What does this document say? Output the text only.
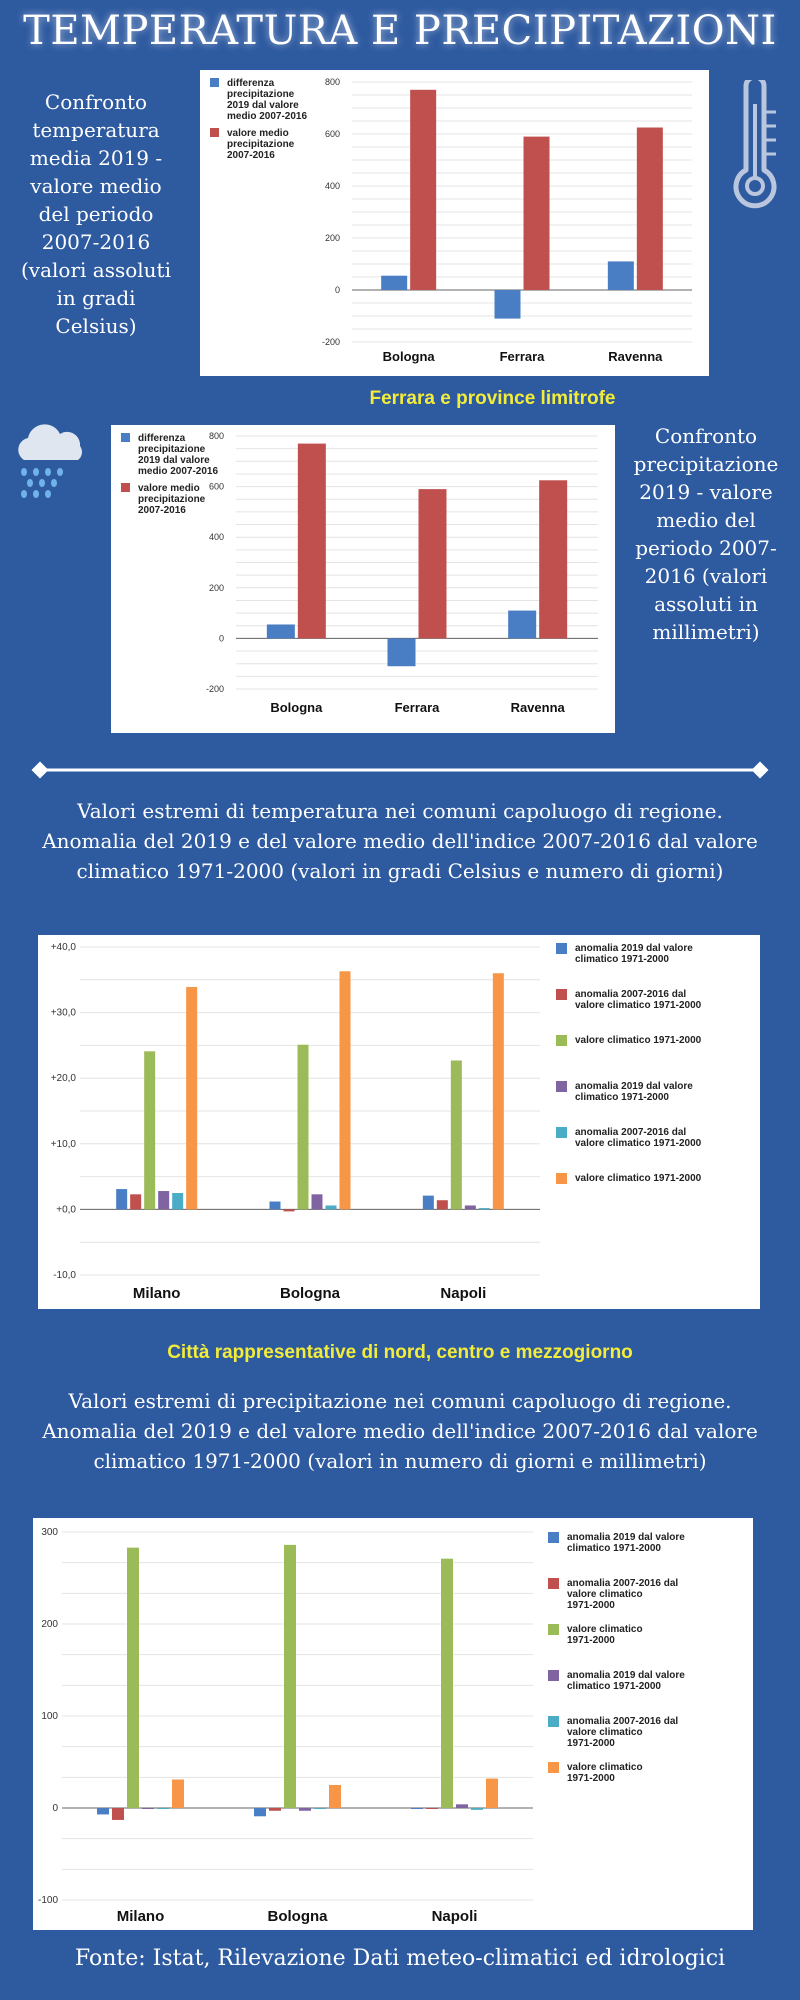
TEMPERATURA E PRECIPITAZIONI
Confronto temperatura media 2019 - valore medio del periodo 2007-2016 (valori assoluti in gradi Celsius)
800
600
400
200
0
-200
Bologna	Ferrara	Ravenna
differenza precipitazione 2019 dal valore medio 2007-2016
valore medio precipitazione 2007-2016
Ferrara e province limitrofe
800
600
400
200
0
-200
Bologna	Ferrara	Ravenna
differenza precipitazione 2019 dal valore medio 2007-2016
valore medio precipitazione 2007-2016
Confronto precipitazione 2019 - valore medio del periodo 2007-2016 (valori assoluti in millimetri)
Valori estremi di temperatura nei comuni capoluogo di regione. Anomalia del 2019 e del valore medio dell'indice 2007-2016 dal valore climatico 1971-2000 (valori in gradi Celsius e numero di giorni)
+40,0
+30,0
+20,0
+10,0
+0,0
-10,0
Milano	Bologna	Napoli
anomalia 2019 dal valore climatico 1971-2000
anomalia 2007-2016 dal valore climatico 1971-2000
valore climatico 1971-2000
anomalia 2019 dal valore climatico 1971-2000
anomalia 2007-2016 dal valore climatico 1971-2000
valore climatico 1971-2000
Città rappresentative di nord, centro e mezzogiorno
Valori estremi di precipitazione nei comuni capoluogo di regione. Anomalia del 2019 e del valore medio dell'indice 2007-2016 dal valore climatico 1971-2000 (valori in numero di giorni e millimetri)
300
200
100
0
-100
Milano	Bologna	Napoli
anomalia 2019 dal valore climatico 1971-2000
anomalia 2007-2016 dal valore climatico 1971-2000
valore climatico 1971-2000
anomalia 2019 dal valore climatico 1971-2000
anomalia 2007-2016 dal valore climatico 1971-2000
valore climatico 1971-2000
Fonte: Istat, Rilevazione Dati meteo-climatici ed idrologici
